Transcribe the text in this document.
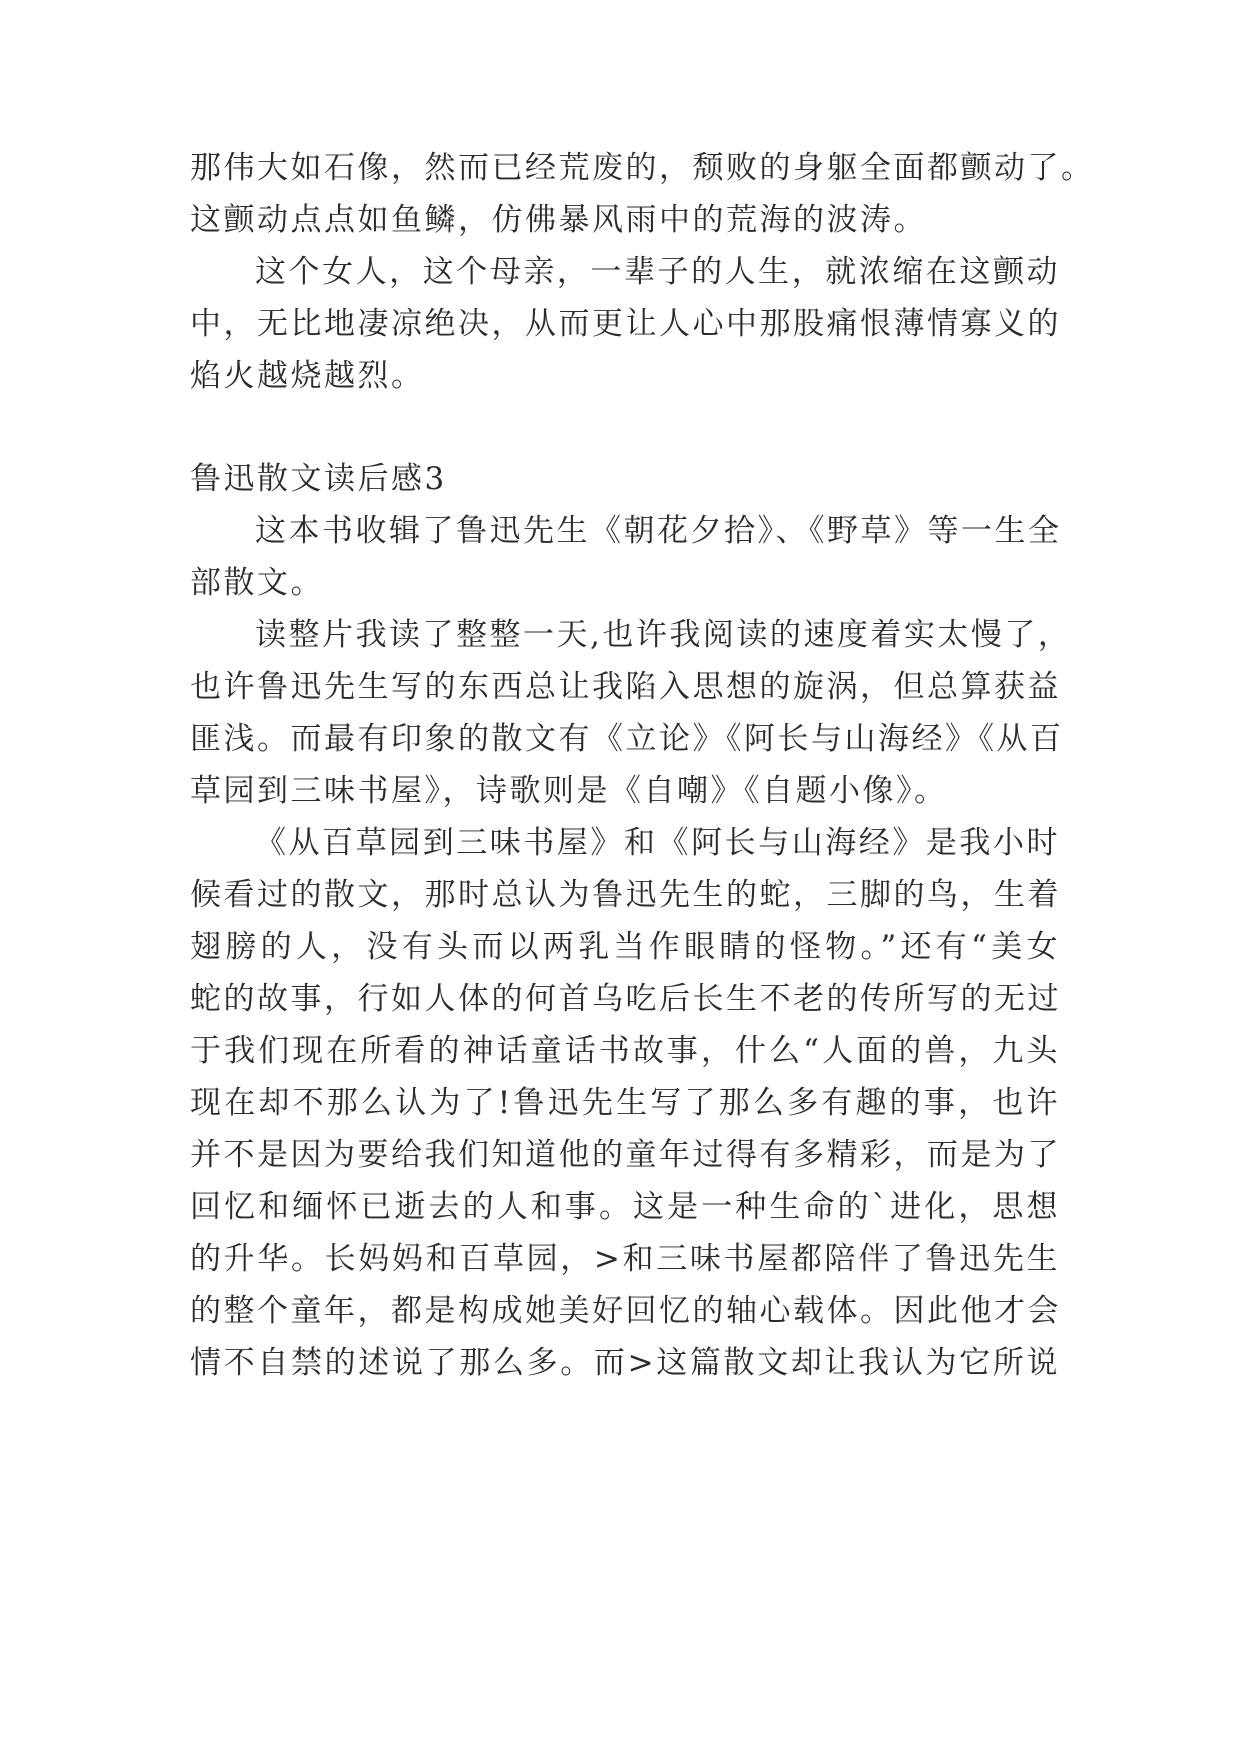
那伟大如石像，然而已经荒废的，颓败的身躯全面都颤动了。
这颤动点点如鱼鳞，仿佛暴风雨中的荒海的波涛。
这个女人，这个母亲，一辈子的人生，就浓缩在这颤动
中，无比地凄凉绝决，从而更让人心中那股痛恨薄情寡义的
焰火越烧越烈。
鲁迅散文读后感3
这本书收辑了鲁迅先生《朝花夕拾》、《野草》等一生全
部散文。
读整片我读了整整一天,也许我阅读的速度着实太慢了，
也许鲁迅先生写的东西总让我陷入思想的旋涡，但总算获益
匪浅。而最有印象的散文有《立论》《阿长与山海经》《从百
草园到三味书屋》，诗歌则是《自嘲》《自题小像》。
《从百草园到三味书屋》和《阿长与山海经》是我小时
候看过的散文，那时总认为鲁迅先生的蛇，三脚的鸟，生着
翅膀的人，没有头而以两乳当作眼睛的怪物。”还有“美女
蛇的故事，行如人体的何首乌吃后长生不老的传所写的无过
于我们现在所看的神话童话书故事，什么“人面的兽，九头
现在却不那么认为了!鲁迅先生写了那么多有趣的事，也许
并不是因为要给我们知道他的童年过得有多精彩，而是为了
回忆和缅怀已逝去的人和事。这是一种生命的`进化，思想
的升华。长妈妈和百草园，>和三味书屋都陪伴了鲁迅先生
的整个童年，都是构成她美好回忆的轴心载体。因此他才会
情不自禁的述说了那么多。而>这篇散文却让我认为它所说
